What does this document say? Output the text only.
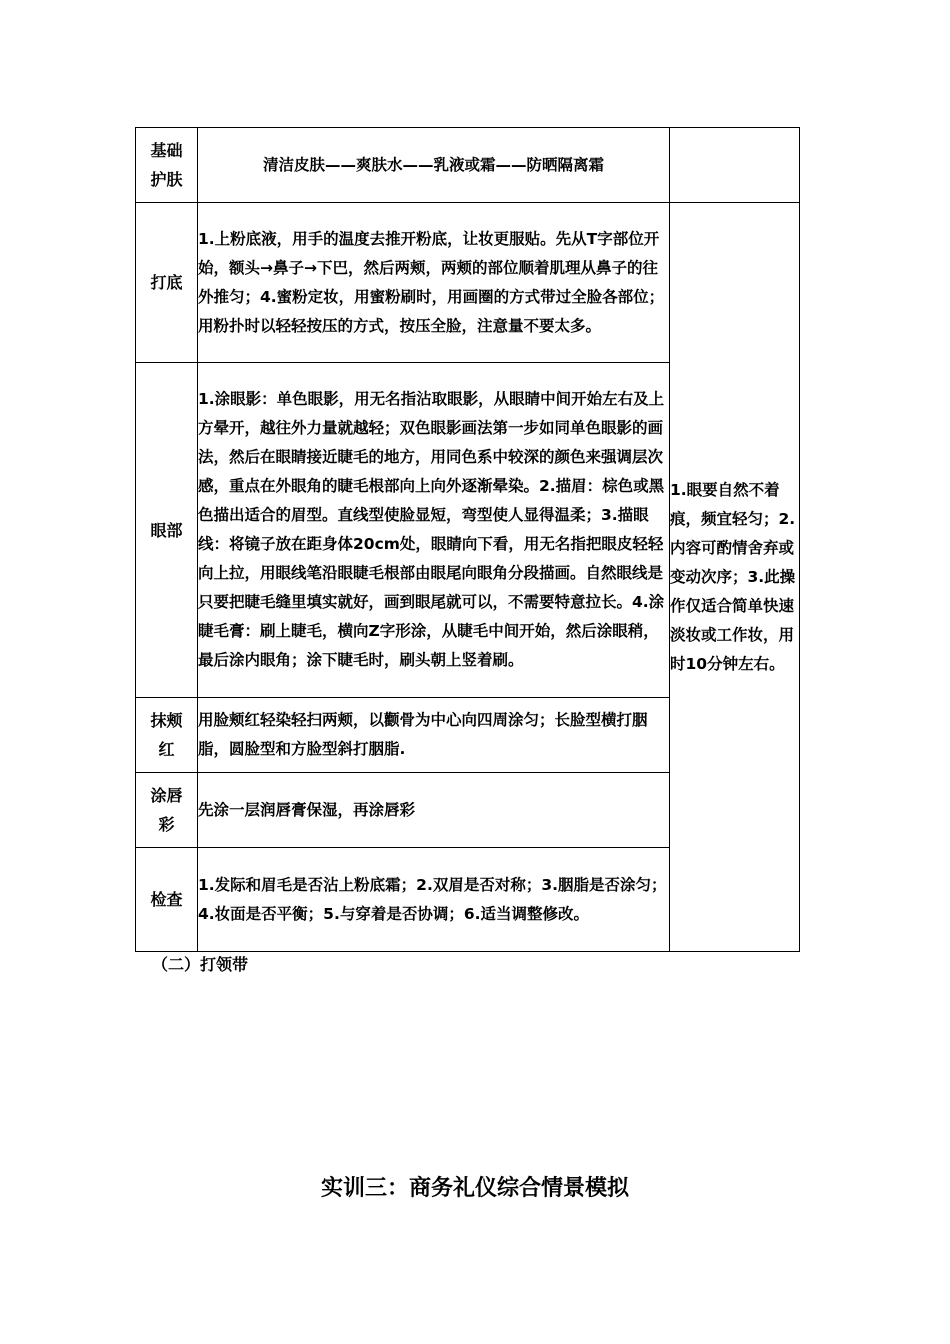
基础护肤	清洁皮肤——爽肤水——乳液或霜——防晒隔离霜		
打底	1.上粉底液，用手的温度去推开粉底，让妆更服贴。先从T字部位开始，额头→鼻子→下巴，然后两颊，两颊的部位顺着肌理从鼻子的往外推匀；4.蜜粉定妆，用蜜粉刷时，用画圈的方式带过全脸各部位；用粉扑时以轻轻按压的方式，按压全脸，注意量不要太多。	1.眼要自然不着痕，频宜轻匀；2.内容可酌情舍弃或变动次序；3.此操作仅适合简单快速淡妆或工作妆，用时10分钟左右。	
眼部	1.涂眼影：单色眼影，用无名指沾取眼影，从眼睛中间开始左右及上方晕开，越往外力量就越轻；双色眼影画法第一步如同单色眼影的画法，然后在眼睛接近睫毛的地方，用同色系中较深的颜色来强调层次感，重点在外眼角的睫毛根部向上向外逐渐晕染。2.描眉：棕色或黑色描出适合的眉型。直线型使脸显短，弯型使人显得温柔；3.描眼线：将镜子放在距身体20cm处，眼睛向下看，用无名指把眼皮轻轻向上拉，用眼线笔沿眼睫毛根部由眼尾向眼角分段描画。自然眼线是只要把睫毛缝里填实就好，画到眼尾就可以，不需要特意拉长。4.涂睫毛膏：刷上睫毛，横向Z字形涂，从睫毛中间开始，然后涂眼稍，最后涂内眼角；涂下睫毛时，刷头朝上竖着刷。		

抹颊红	用脸颊红轻染轻扫两颊，以颧骨为中心向四周涂匀；长脸型横打胭脂，圆脸型和方脸型斜打胭脂.		

涂唇彩	先涂一层润唇膏保湿，再涂唇彩		
检查	1.发际和眉毛是否沾上粉底霜；2.双眉是否对称；3.胭脂是否涂匀；4.妆面是否平衡；5.与穿着是否协调；6.适当调整修改。		
（二）打领带
实训三：商务礼仪综合情景模拟
